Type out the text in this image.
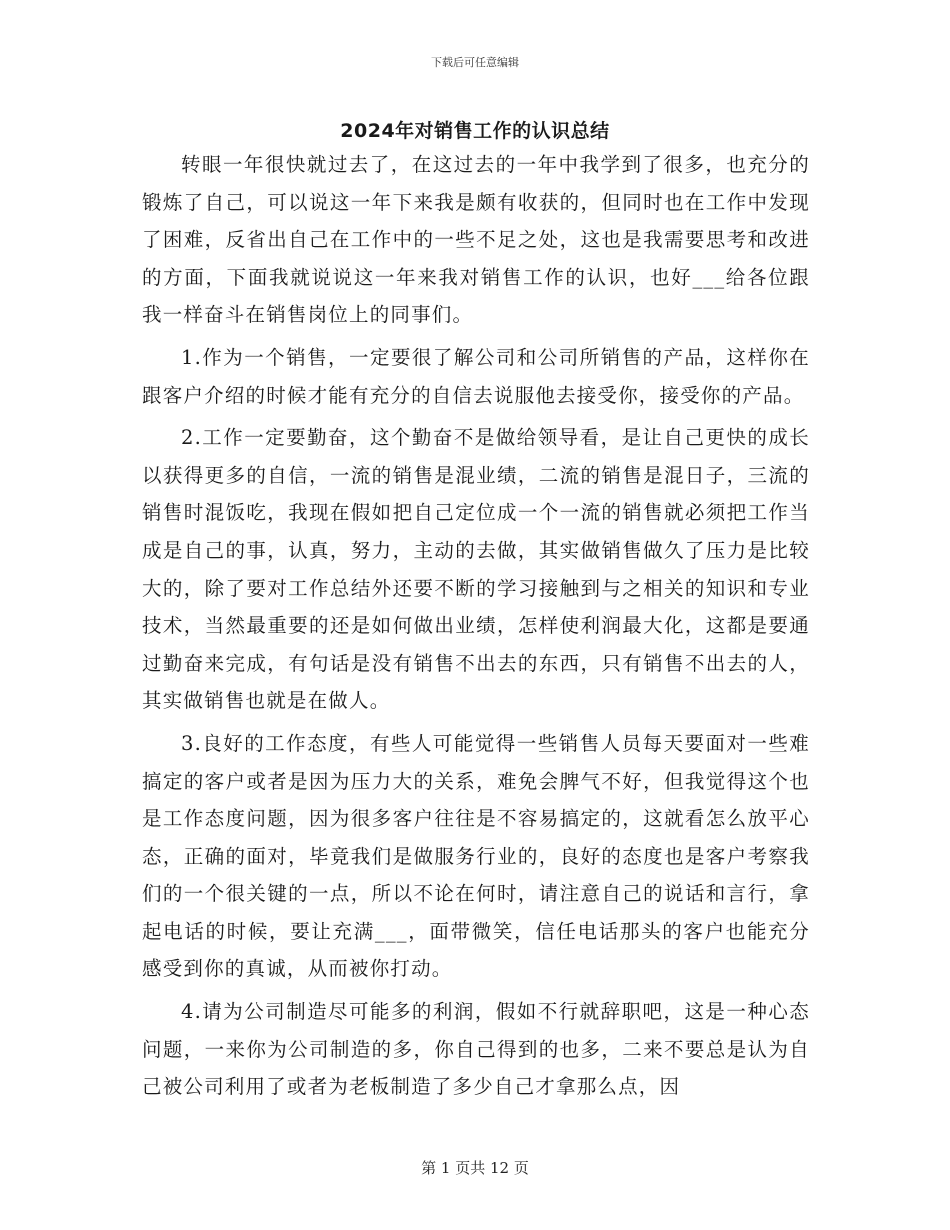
下载后可任意编辑
2024年对销售工作的认识总结

转眼一年很快就过去了，在这过去的一年中我学到了很多，也充分的锻炼了自己，可以说这一年下来我是颇有收获的，但同时也在工作中发现了困难，反省出自己在工作中的一些不足之处，这也是我需要思考和改进的方面，下面我就说说这一年来我对销售工作的认识，也好___给各位跟我一样奋斗在销售岗位上的同事们。

1.作为一个销售，一定要很了解公司和公司所销售的产品，这样你在跟客户介绍的时候才能有充分的自信去说服他去接受你，接受你的产品。

2.工作一定要勤奋，这个勤奋不是做给领导看，是让自己更快的成长以获得更多的自信，一流的销售是混业绩，二流的销售是混日子，三流的销售时混饭吃，我现在假如把自己定位成一个一流的销售就必须把工作当成是自己的事，认真，努力，主动的去做，其实做销售做久了压力是比较大的，除了要对工作总结外还要不断的学习接触到与之相关的知识和专业技术，当然最重要的还是如何做出业绩，怎样使利润最大化，这都是要通过勤奋来完成，有句话是没有销售不出去的东西，只有销售不出去的人，其实做销售也就是在做人。

3.良好的工作态度，有些人可能觉得一些销售人员每天要面对一些难搞定的客户或者是因为压力大的关系，难免会脾气不好，但我觉得这个也是工作态度问题，因为很多客户往往是不容易搞定的，这就看怎么放平心态，正确的面对，毕竟我们是做服务行业的，良好的态度也是客户考察我们的一个很关键的一点，所以不论在何时，请注意自己的说话和言行，拿起电话的时候，要让充满___，面带微笑，信任电话那头的客户也能充分感受到你的真诚，从而被你打动。

4.请为公司制造尽可能多的利润，假如不行就辞职吧，这是一种心态问题，一来你为公司制造的多，你自己得到的也多，二来不要总是认为自己被公司利用了或者为老板制造了多少自己才拿那么点，因

第 1 页共 12 页
